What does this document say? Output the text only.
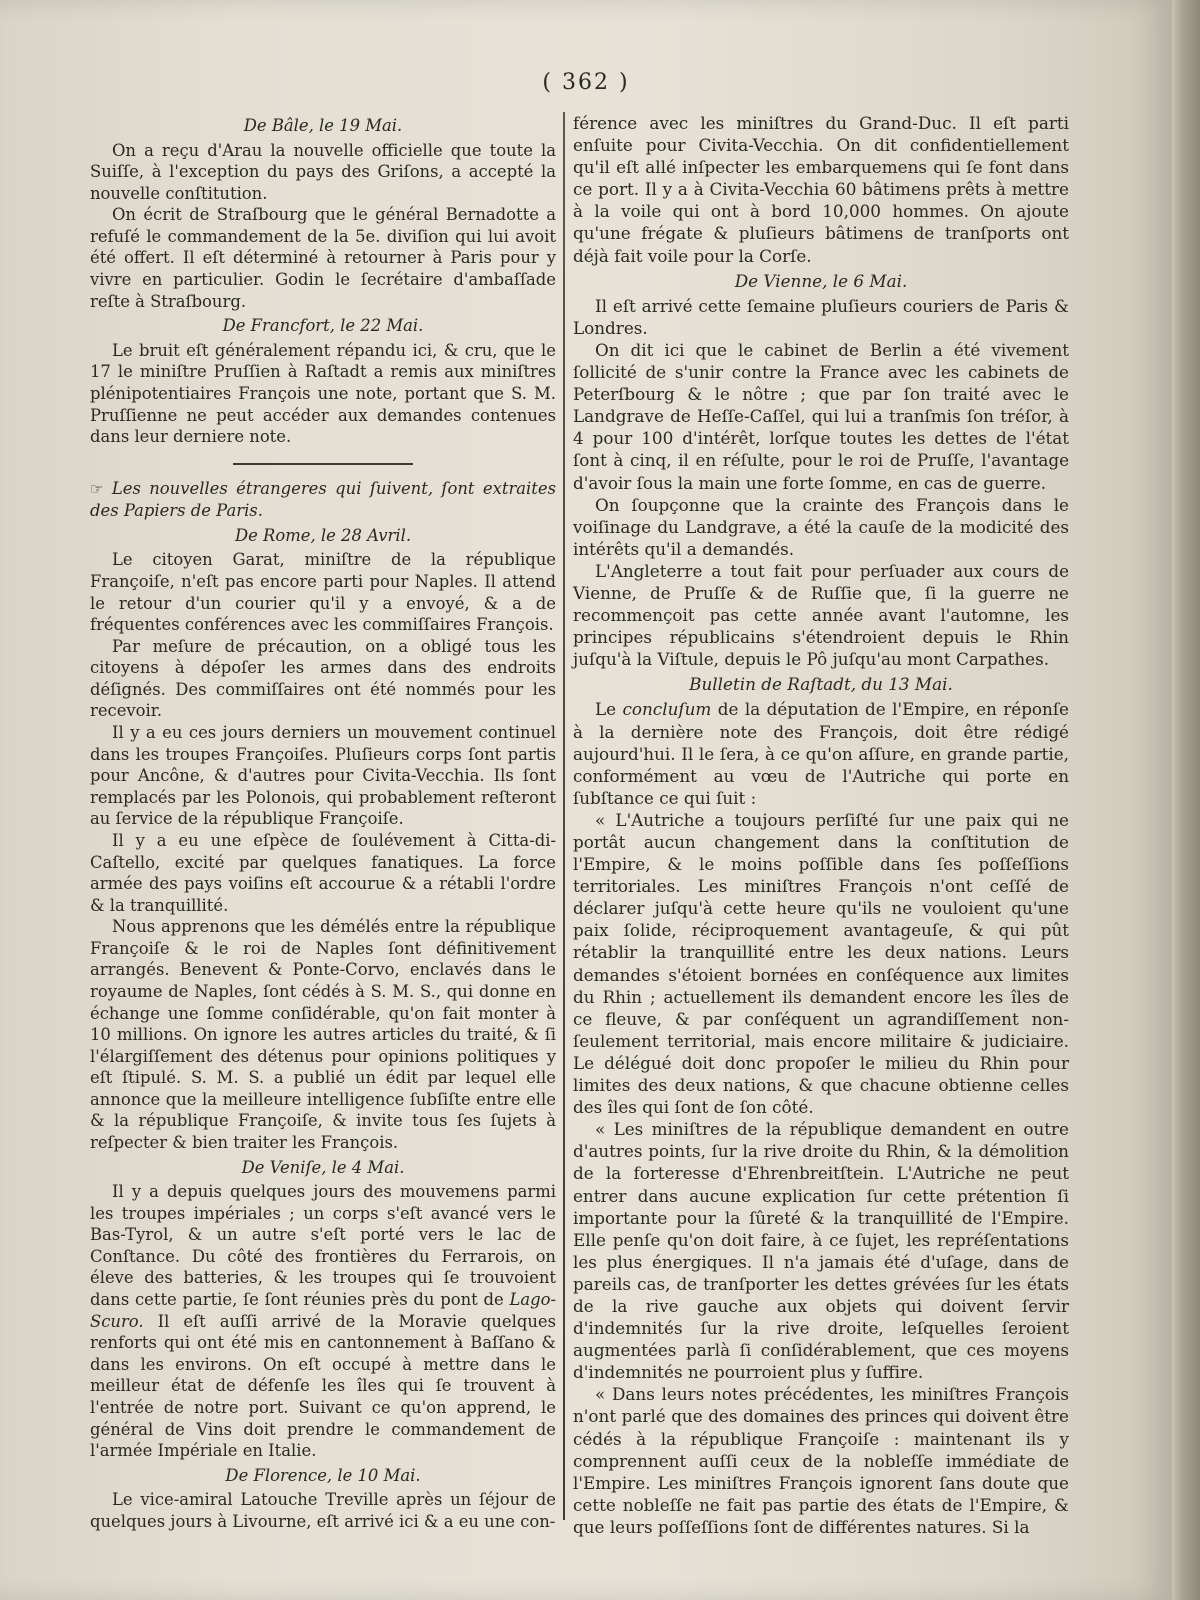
( 362 )
De Bâle, le 19 Mai.

On a reçu d'Arau la nouvelle officielle que toute la Suiſſe, à l'exception du pays des Griſons, a accepté la nouvelle conſtitution.

On écrit de Straſbourg que le général Bernadotte a refuſé le commandement de la 5e. diviſion qui lui avoit été offert. Il eſt déterminé à retourner à Paris pour y vivre en particulier. Godin le ſecrétaire d'ambaſſade reſte à Straſbourg.

De Francfort, le 22 Mai.

Le bruit eſt généralement répandu ici, & cru, que le 17 le miniſtre Pruſſien à Raſtadt a remis aux miniſtres plénipotentiaires François une note, portant que S. M. Pruſſienne ne peut accéder aux demandes contenues dans leur derniere note.

☞ Les nouvelles étrangeres qui ſuivent, ſont extraites des Papiers de Paris.

De Rome, le 28 Avril.

Le citoyen Garat, miniſtre de la république Françoiſe, n'eſt pas encore parti pour Naples. Il attend le retour d'un courier qu'il y a envoyé, & a de fréquentes conférences avec les commiſſaires François.

Par meſure de précaution, on a obligé tous les citoyens à dépoſer les armes dans des endroits déſignés. Des commiſſaires ont été nommés pour les recevoir.

Il y a eu ces jours derniers un mouvement continuel dans les troupes Françoiſes. Pluſieurs corps ſont partis pour Ancône, & d'autres pour Civita-Vecchia. Ils ſont remplacés par les Polonois, qui probablement reſteront au ſervice de la république Françoiſe.

Il y a eu une eſpèce de ſoulévement à Citta-di-Caſtello, excité par quelques fanatiques. La force armée des pays voiſins eſt accourue & a rétabli l'ordre & la tranquillité.

Nous apprenons que les démélés entre la république Françoiſe & le roi de Naples ſont définitivement arrangés. Benevent & Ponte-Corvo, enclavés dans le royaume de Naples, ſont cédés à S. M. S., qui donne en échange une ſomme conſidérable, qu'on fait monter à 10 millions. On ignore les autres articles du traité, & ſi l'élargiſſement des détenus pour opinions politiques y eſt ſtipulé. S. M. S. a publié un édit par lequel elle annonce que la meilleure intelligence ſubſiſte entre elle & la république Françoiſe, & invite tous ſes ſujets à reſpecter & bien traiter les François.

De Veniſe, le 4 Mai.

Il y a depuis quelques jours des mouvemens parmi les troupes impériales ; un corps s'eſt avancé vers le Bas-Tyrol, & un autre s'eſt porté vers le lac de Conſtance. Du côté des frontières du Ferrarois, on éleve des batteries, & les troupes qui ſe trouvoient dans cette partie, ſe ſont réunies près du pont de Lago-Scuro. Il eſt auſſi arrivé de la Moravie quelques renforts qui ont été mis en cantonnement à Baſſano & dans les environs. On eſt occupé à mettre dans le meilleur état de défenſe les îles qui ſe trouvent à l'entrée de notre port. Suivant ce qu'on apprend, le général de Vins doit prendre le commandement de l'armée Impériale en Italie.

De Florence, le 10 Mai.

Le vice-amiral Latouche Treville après un ſéjour de quelques jours à Livourne, eſt arrivé ici & a eu une con-

férence avec les miniſtres du Grand-Duc. Il eſt parti enſuite pour Civita-Vecchia. On dit confidentiellement qu'il eſt allé inſpecter les embarquemens qui ſe font dans ce port. Il y a à Civita-Vecchia 60 bâtimens prêts à mettre à la voile qui ont à bord 10,000 hommes. On ajoute qu'une frégate & pluſieurs bâtimens de tranſports ont déjà fait voile pour la Corſe.

De Vienne, le 6 Mai.

Il eſt arrivé cette ſemaine pluſieurs couriers de Paris & Londres.

On dit ici que le cabinet de Berlin a été vivement ſollicité de s'unir contre la France avec les cabinets de Peterſbourg & le nôtre ; que par ſon traité avec le Landgrave de Heſſe-Caſſel, qui lui a tranſmis ſon tréſor, à 4 pour 100 d'intérêt, lorſque toutes les dettes de l'état ſont à cinq, il en réſulte, pour le roi de Pruſſe, l'avantage d'avoir ſous la main une forte ſomme, en cas de guerre.

On ſoupçonne que la crainte des François dans le voiſinage du Landgrave, a été la cauſe de la modicité des intérêts qu'il a demandés.

L'Angleterre a tout fait pour perſuader aux cours de Vienne, de Pruſſe & de Ruſſie que, ſi la guerre ne recommençoit pas cette année avant l'automne, les principes républicains s'étendroient depuis le Rhin juſqu'à la Viſtule, depuis le Pô juſqu'au mont Carpathes.

Bulletin de Raſtadt, du 13 Mai.

Le concluſum de la députation de l'Empire, en réponſe à la dernière note des François, doit être rédigé aujourd'hui. Il le ſera, à ce qu'on aſſure, en grande partie, conformément au vœu de l'Autriche qui porte en ſubſtance ce qui ſuit :

« L'Autriche a toujours perſiſté ſur une paix qui ne portât aucun changement dans la conſtitution de l'Empire, & le moins poſſible dans ſes poſſeſſions territoriales. Les miniſtres François n'ont ceſſé de déclarer juſqu'à cette heure qu'ils ne vouloient qu'une paix ſolide, réciproquement avantageuſe, & qui pût rétablir la tranquillité entre les deux nations. Leurs demandes s'étoient bornées en conſéquence aux limites du Rhin ; actuellement ils demandent encore les îles de ce fleuve, & par conſéquent un agrandiſſement non-ſeulement territorial, mais encore militaire & judiciaire. Le délégué doit donc propoſer le milieu du Rhin pour limites des deux nations, & que chacune obtienne celles des îles qui ſont de ſon côté.

« Les miniſtres de la république demandent en outre d'autres points, ſur la rive droite du Rhin, & la démolition de la forteresse d'Ehrenbreitſtein. L'Autriche ne peut entrer dans aucune explication ſur cette prétention ſi importante pour la ſûreté & la tranquillité de l'Empire. Elle penſe qu'on doit faire, à ce ſujet, les repréſentations les plus énergiques. Il n'a jamais été d'uſage, dans de pareils cas, de tranſporter les dettes grévées ſur les états de la rive gauche aux objets qui doivent ſervir d'indemnités ſur la rive droite, leſquelles ſeroient augmentées parlà ſi conſidérablement, que ces moyens d'indemnités ne pourroient plus y ſuffire.

« Dans leurs notes précédentes, les miniſtres François n'ont parlé que des domaines des princes qui doivent être cédés à la république Françoiſe : maintenant ils y comprennent auſſi ceux de la nobleſſe immédiate de l'Empire. Les miniſtres François ignorent ſans doute que cette nobleſſe ne fait pas partie des états de l'Empire, & que leurs poſſeſſions ſont de différentes natures. Si la
